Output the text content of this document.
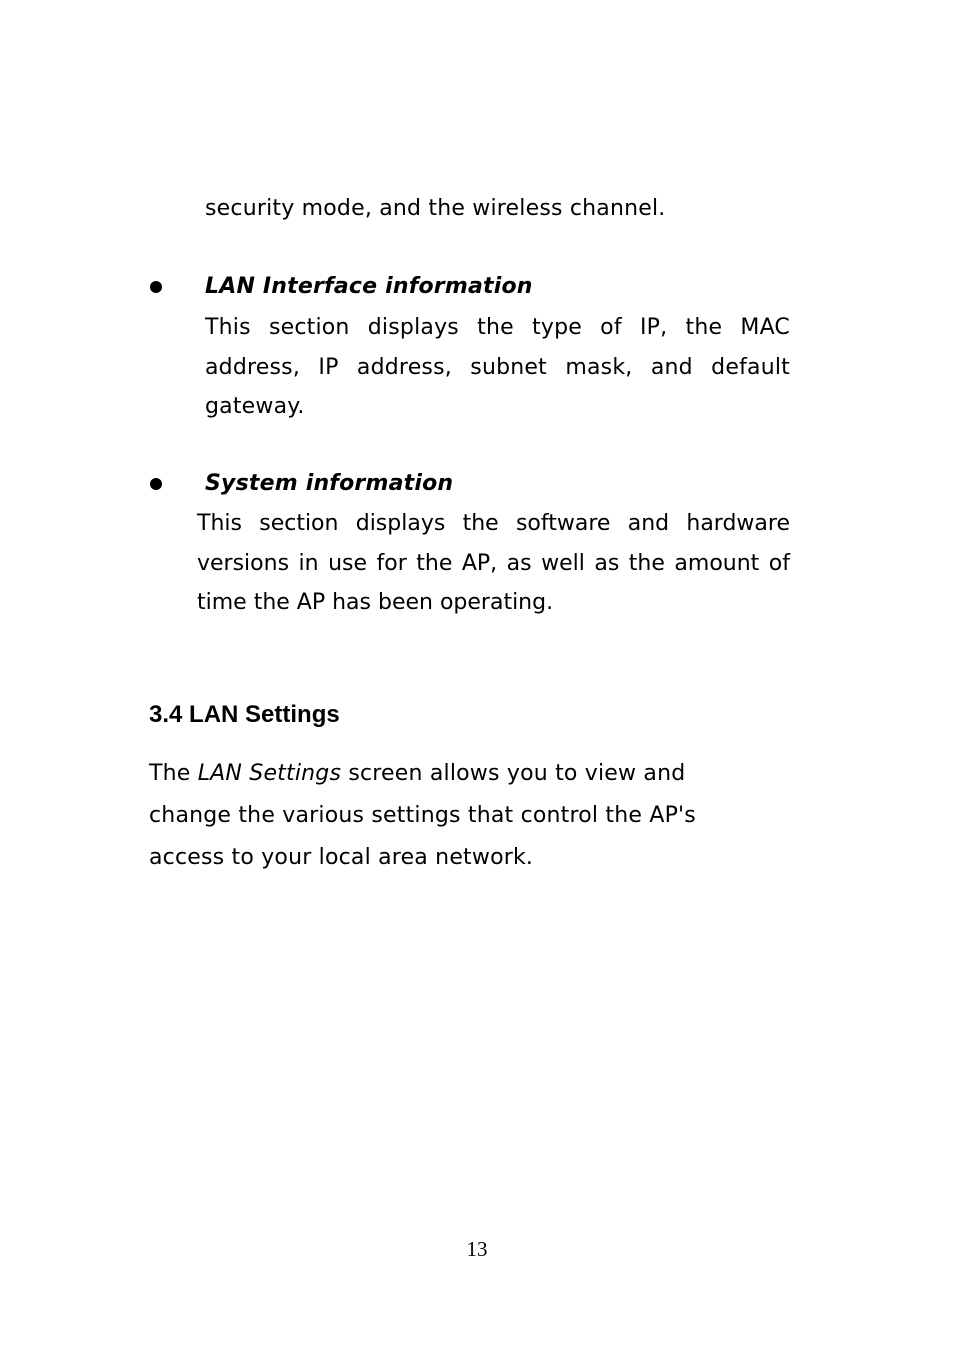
security mode, and the wireless channel.
LAN Interface information
This section displays the type of IP, the MAC address, IP address, subnet mask, and default gateway.
System information
This section displays the software and hardware versions in use for the AP, as well as the amount of time the AP has been operating.
3.4 LAN Settings
The LAN Settings screen allows you to view and
change the various settings that control the AP's
access to your local area network.
13
